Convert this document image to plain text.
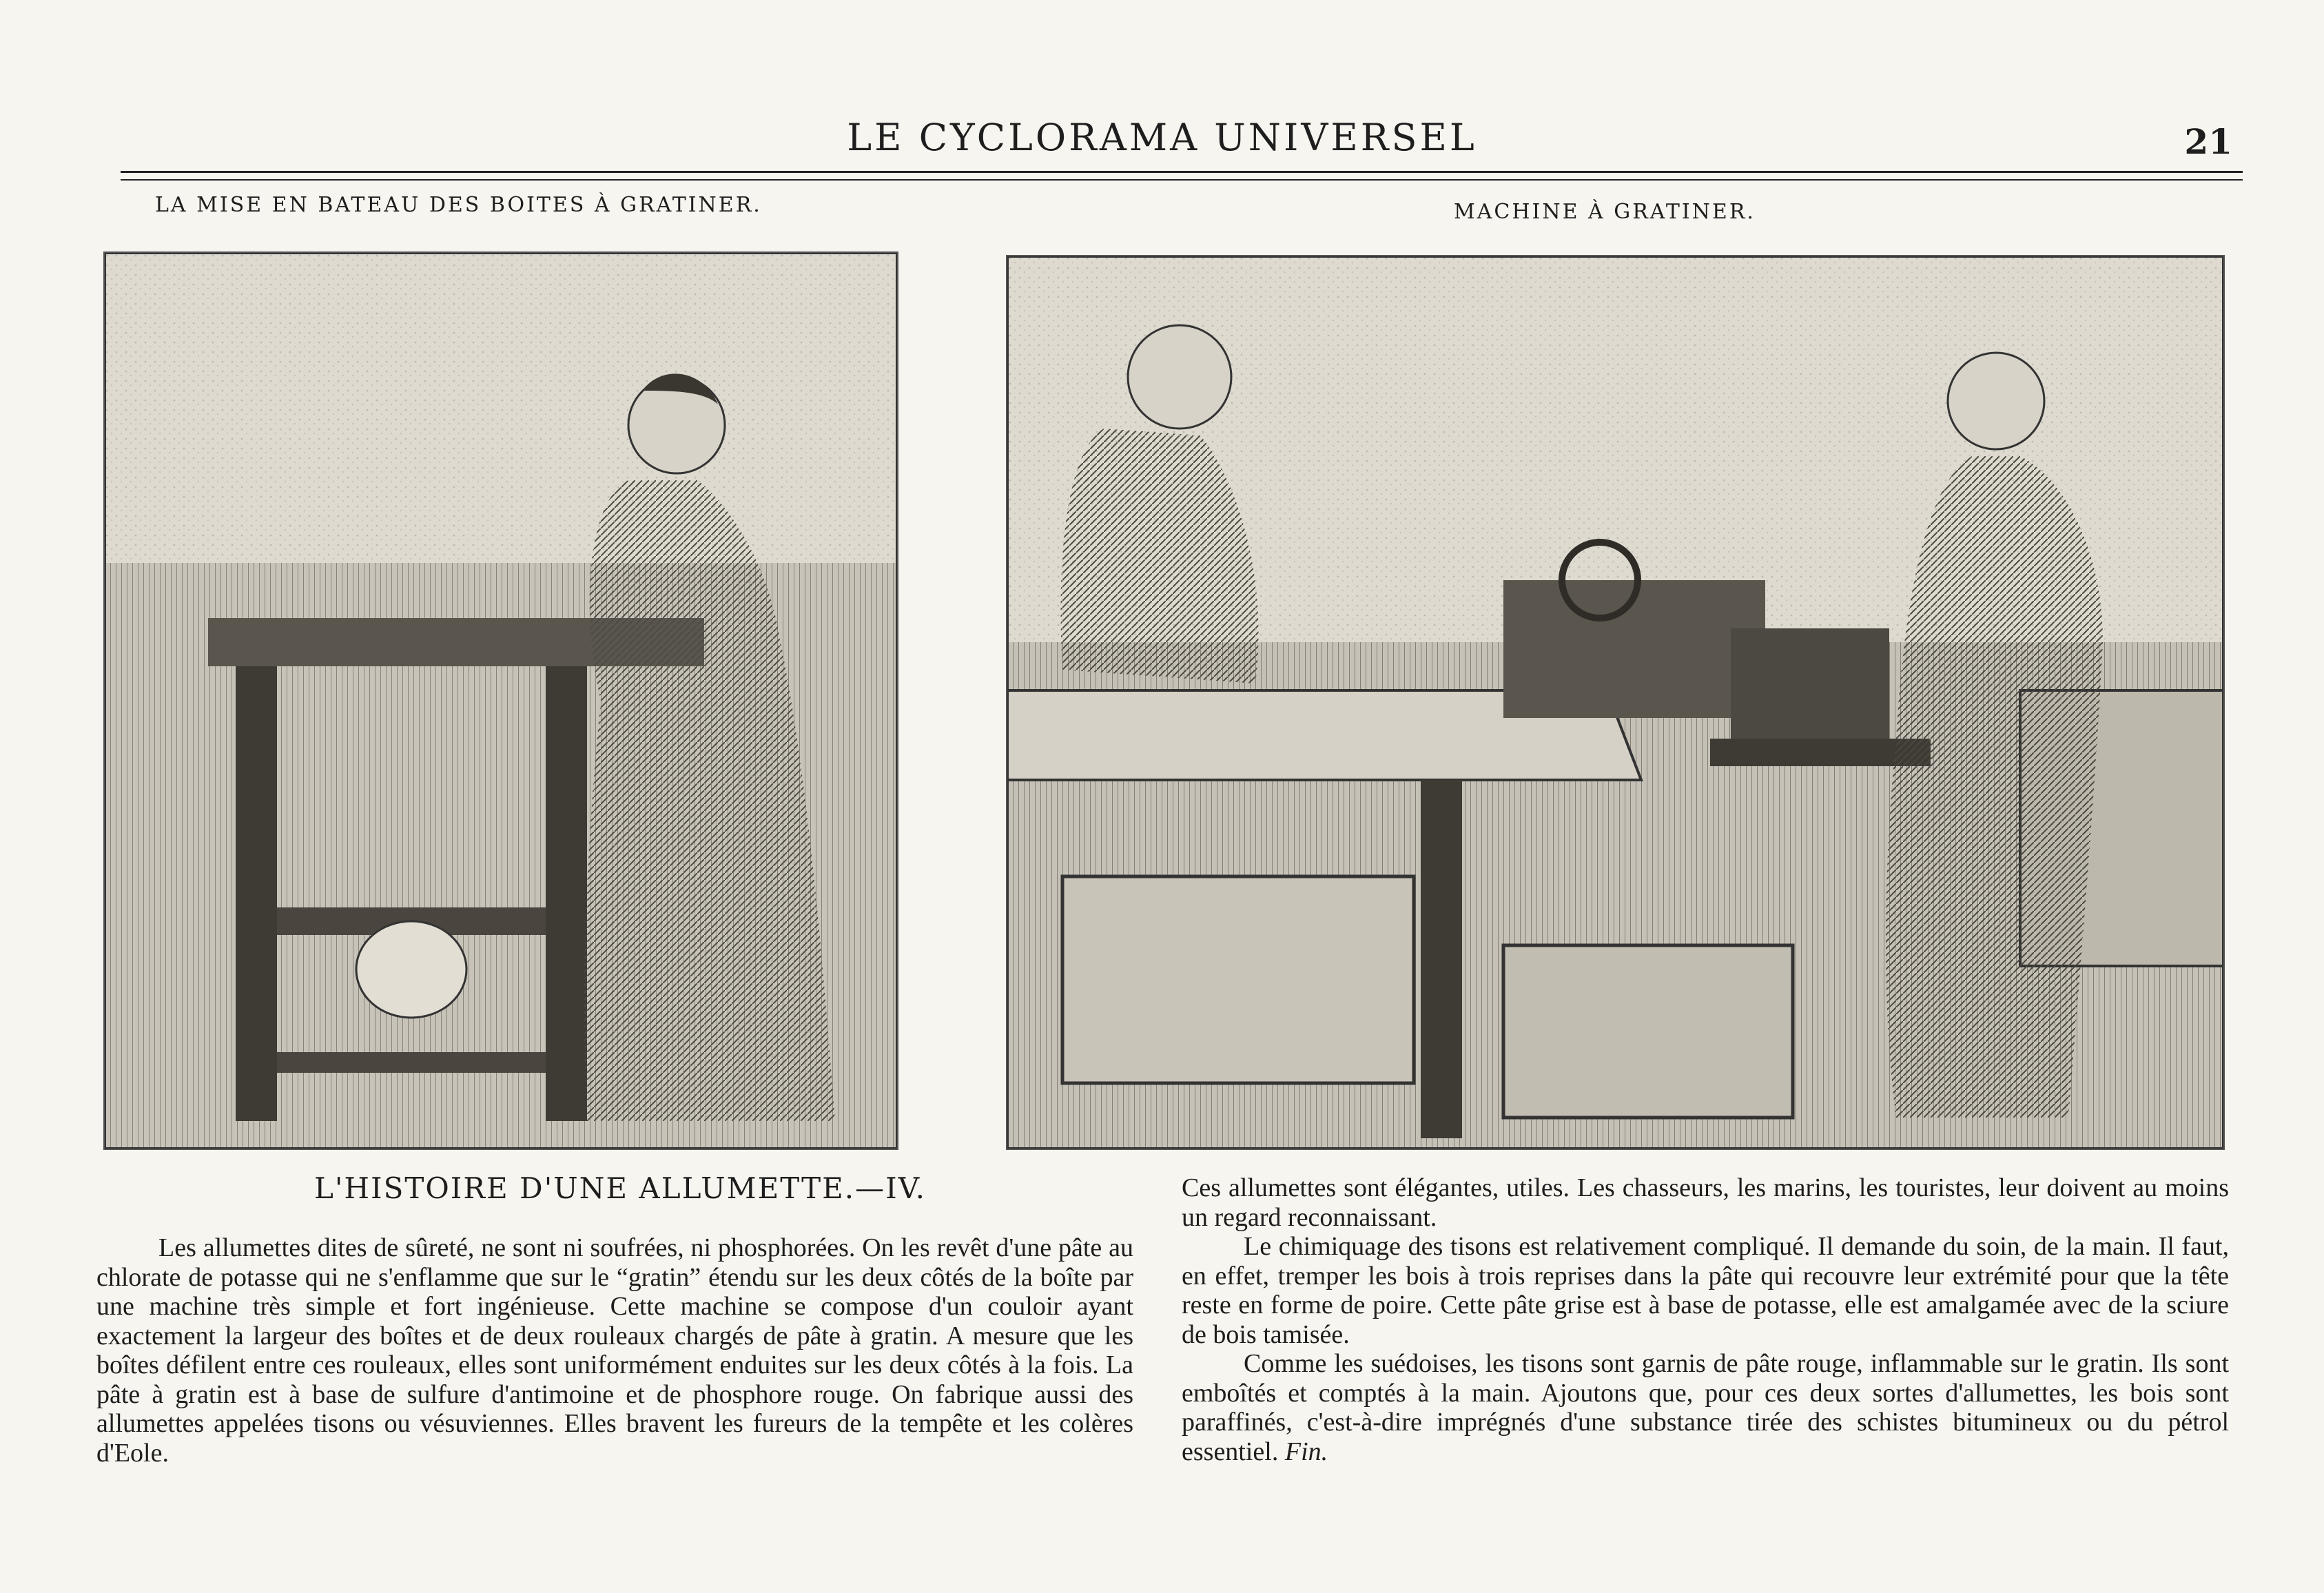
LE CYCLORAMA UNIVERSEL	21
LA MISE EN BATEAU DES BOITES À GRATINER.	MACHINE À GRATINER.
L'HISTOIRE D'UNE ALLUMETTE.—IV.

Les allumettes dites de sûreté, ne sont ni soufrées, ni phosphorées. On les revêt d'une pâte au chlorate de potasse qui ne s'enflamme que sur le “gratin” étendu sur les deux côtés de la boîte par une machine très simple et fort ingénieuse. Cette machine se compose d'un couloir ayant exactement la largeur des boîtes et de deux rouleaux chargés de pâte à gratin. A mesure que les boîtes défilent entre ces rouleaux, elles sont uniformément enduites sur les deux côtés à la fois. La pâte à gratin est à base de sulfure d'antimoine et de phosphore rouge. On fabrique aussi des allumettes appelées tisons ou vésuviennes. Elles bravent les fureurs de la tempête et les colères d'Eole.

Ces allumettes sont élégantes, utiles. Les chasseurs, les marins, les touristes, leur doivent au moins un regard reconnaissant.

Le chimiquage des tisons est relativement compliqué. Il demande du soin, de la main. Il faut, en effet, tremper les bois à trois reprises dans la pâte qui recouvre leur extrémité pour que la tête reste en forme de poire. Cette pâte grise est à base de potasse, elle est amalgamée avec de la sciure de bois tamisée.

Comme les suédoises, les tisons sont garnis de pâte rouge, inflammable sur le gratin. Ils sont emboîtés et comptés à la main. Ajoutons que, pour ces deux sortes d'allumettes, les bois sont paraffinés, c'est-à-dire imprégnés d'une substance tirée des schistes bitumineux ou du pétrol essentiel. Fin.
